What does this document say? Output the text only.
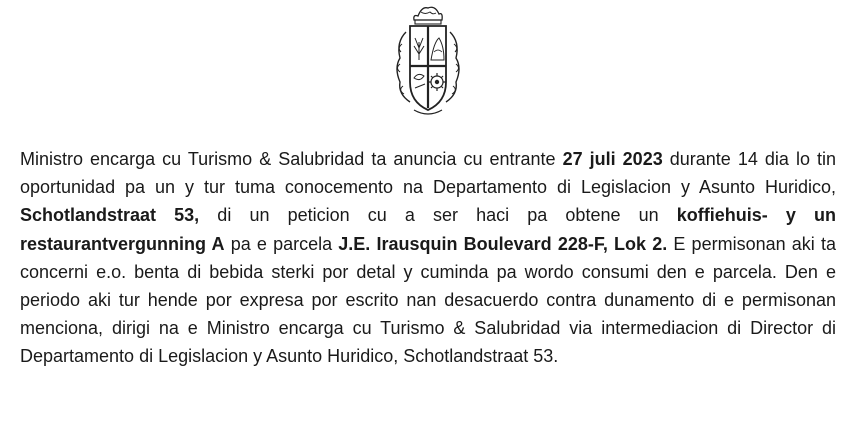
Ministro encarga cu Turismo & Salubridad ta anuncia cu entrante 27 juli 2023 durante 14 dia lo tin oportunidad pa un y tur tuma conocemento na Departamento di Legislacion y Asunto Huridico, Schotlandstraat 53, di un peticion cu a ser haci pa obtene un koffiehuis- y un restaurantvergunning A pa e parcela J.E. Irausquin Boulevard 228-F, Lok 2. E permisonan aki ta concerni e.o. benta di bebida sterki por detal y cuminda pa wordo consumi den e parcela. Den e periodo aki tur hende por expresa por escrito nan desacuerdo contra dunamento di e permisonan menciona, dirigi na e Ministro encarga cu Turismo & Salubridad via intermediacion di Director di Departamento di Legislacion y Asunto Huridico, Schotlandstraat 53.
